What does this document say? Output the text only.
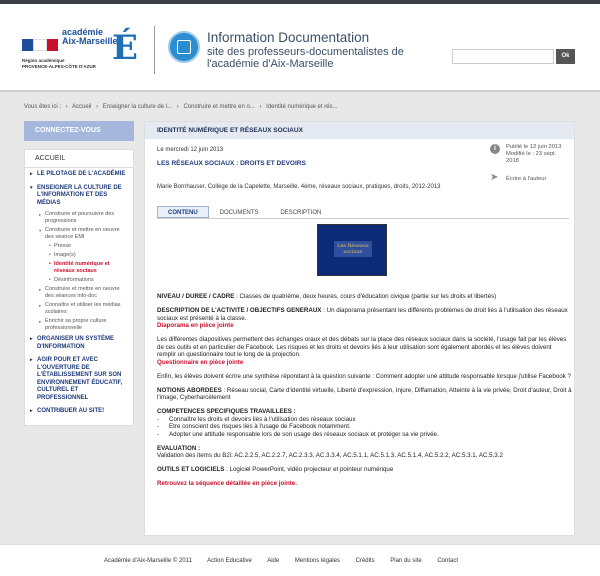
académie
Aix-Marseille
Région académique
PROVENCE-ALPES-CÔTE D'AZUR É	Information Documentation
site des professeurs-documentalistes de l'académie d'Aix-Marseille
Ok
Vous êtes ici : › Accueil › Enseigner la culture de l... › Construire et mettre en o... › Identité numérique et rés...
CONNECTEZ-VOUS
ACCUEIL
▸ LE PILOTAGE DE L'ACADÉMIE
▾ ENSEIGNER LA CULTURE DE L'INFORMATION ET DES MÉDIAS
▸ Construire et poursuivre des progressions
▾ Construire et mettre en oeuvre des séance EMI
• Presse
• Image(s)
• Identité numérique et réseaux sociaux
• Désinformations
▸ Construire et mettre en oeuvre des séances info-doc
▸ Connaître et utiliser les médias scolaires
▸ Enrichir sa propre culture professionnelle
▸ ORGANISER UN SYSTÈME D'INFORMATION
▸ AGIR POUR ET AVEC L'OUVERTURE DE L'ÉTABLISSEMENT SUR SON ENVIRONNEMENT ÉDUCATIF, CULTUREL ET PROFESSIONNEL
▸ CONTRIBUER AU SITE!
IDENTITÉ NUMÉRIQUE ET RÉSEAUX SOCIAUX
Le mercredi 12 juin 2013
LES RÉSEAUX SOCIAUX : DROITS ET DEVOIRS
Marie Bornhauser, Collège de la Capelette, Marseille. 4ème, réseaux sociaux, pratiques, droits, 2012-2013
i	Publié le 12 juin 2013
Modifié le : 23 sept. 2018
➤ Écrire à l'auteur
CONTENU	DOCUMENTS	DESCRIPTION
Les Réseaux sociaux

NIVEAU / DUREE / CADRE : Classes de quatrième, deux heures, cours d'éducation civique (partie sur les droits et libertés)

DESCRIPTION DE L'ACTIVITE / OBJECTIFS GENERAUX : Un diaporama présentant les différents problèmes de droit liés à l'utilisation des réseaux sociaux est présenté à la classe.
Diaporama en pièce jointe

Les différentes diapositives permettent des échanges oraux et des débats sur la place des réseaux sociaux dans la société, l'usage fait par les élèves de ces outils et en particulier de Facebook. Les risques et les droits et devoirs liés à leur utilisation sont également abordés et les élèves doivent remplir un questionnaire tout le long de la projection.
Questionnaire en pièce jointe

Enfin, les élèves doivent écrire une synthèse répondant à la question suivante : Comment adopter une attitude responsable lorsque j'utilise Facebook ?

NOTIONS ABORDEES : Réseau social, Carte d'identité virtuelle, Liberté d'expression, Injure, Diffamation, Atteinte à la vie privée, Droit d'auteur, Droit à l'image, Cyberharcèlement

COMPETENCES SPECIFIQUES TRAVAILLEES :
- Connaître les droits et devoirs liés à l'utilisation des réseaux sociaux
- Etre conscient des risques liés à l'usage de Facebook notamment.
- Adopter une attitude responsable lors de son usage des réseaux sociaux et protéger sa vie privée.

EVALUATION :
Validation des items du B2i: AC.2.2.5, AC.2.2.7, AC.2.3.3, AC.3.3.4, AC.5.1.1, AC.5.1.3, AC.5.1.4, AC.5.2.2, AC.5.3.1, AC.5.3.2

OUTILS ET LOGICIELS : Logiciel PowerPoint, vidéo projecteur et pointeur numérique

Retrouvez la séquence détaillée en pièce jointe.

Académie d'Aix-Marseille © 2011	Action Educative	Aide	Mentions légales	Crédits	Plan du site	Contact
